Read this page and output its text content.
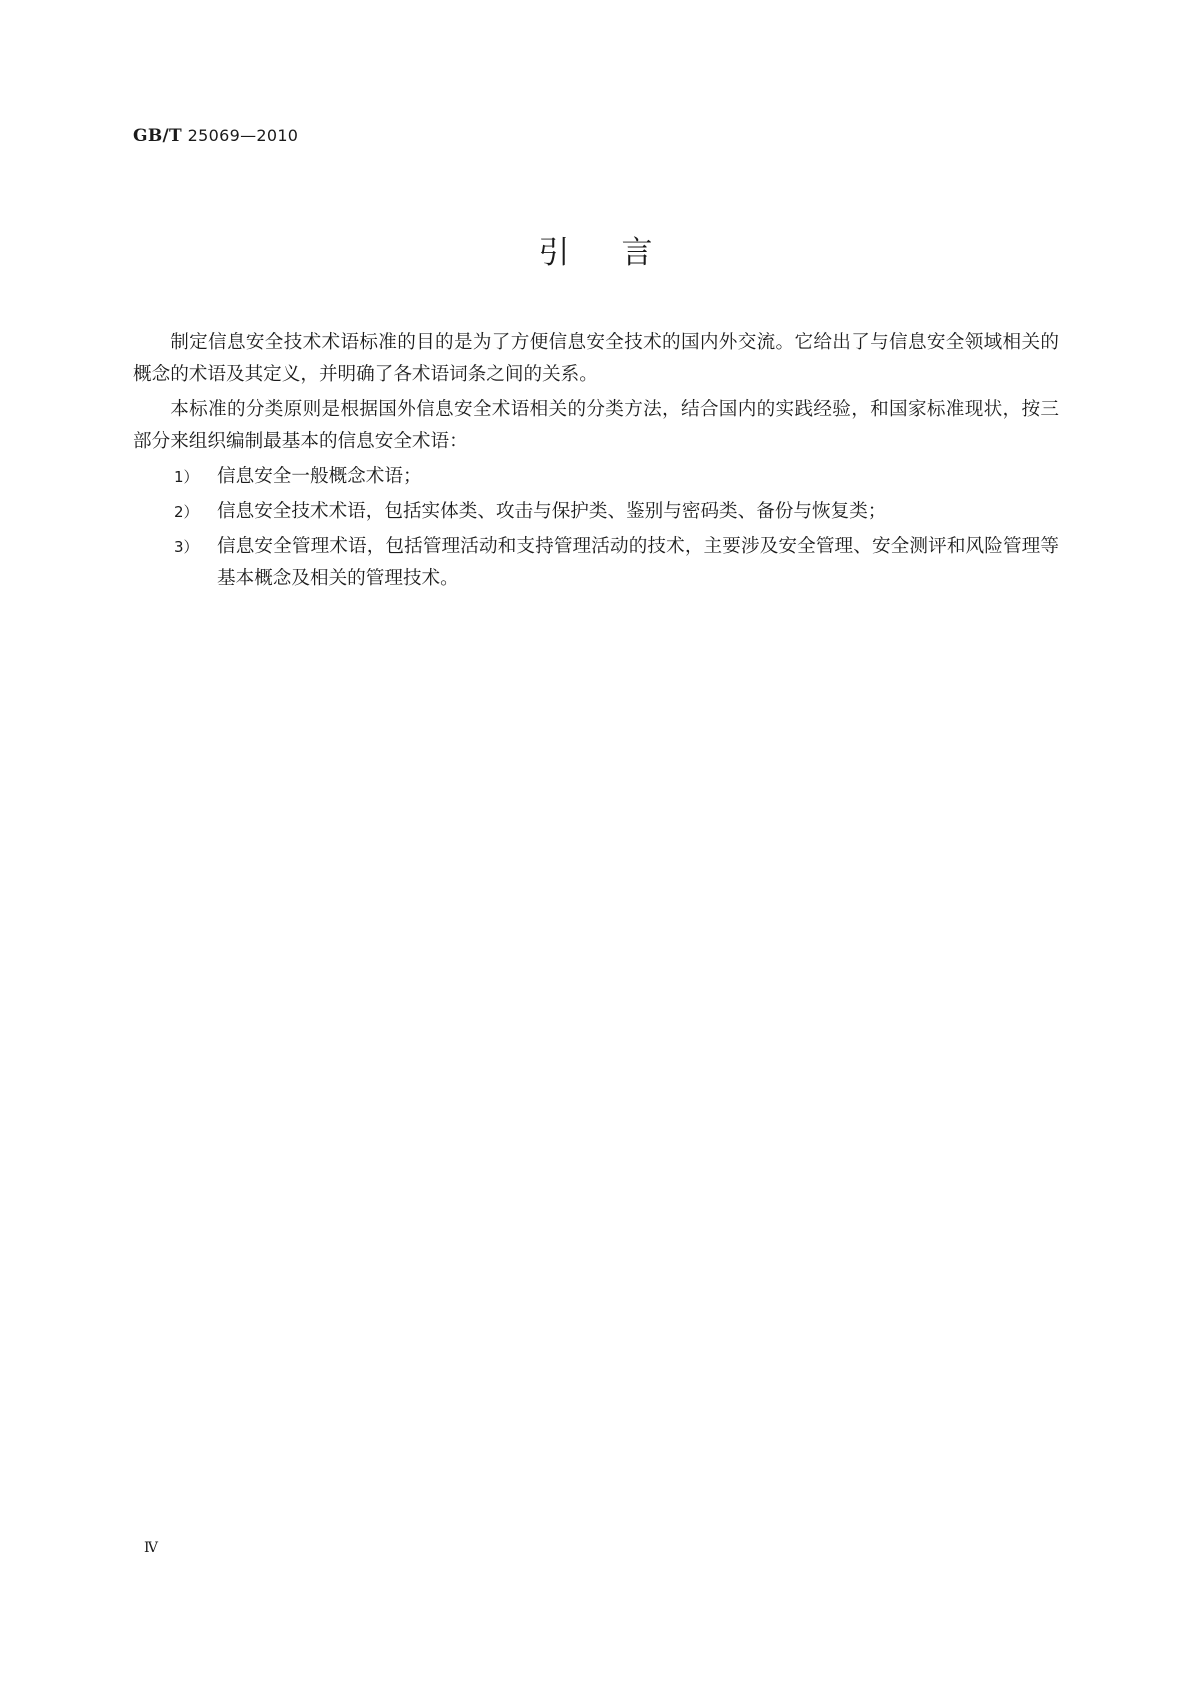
GB/T 25069—2010
引言

制定信息安全技术术语标准的目的是为了方便信息安全技术的国内外交流。它给出了与信息安全领域相关的概念的术语及其定义，并明确了各术语词条之间的关系。

本标准的分类原则是根据国外信息安全术语相关的分类方法，结合国内的实践经验，和国家标准现状，按三部分来组织编制最基本的信息安全术语：

1） 信息安全一般概念术语；
2） 信息安全技术术语，包括实体类、攻击与保护类、鉴别与密码类、备份与恢复类；
3） 信息安全管理术语，包括管理活动和支持管理活动的技术，主要涉及安全管理、安全测评和风险管理等基本概念及相关的管理技术。
Ⅳ
